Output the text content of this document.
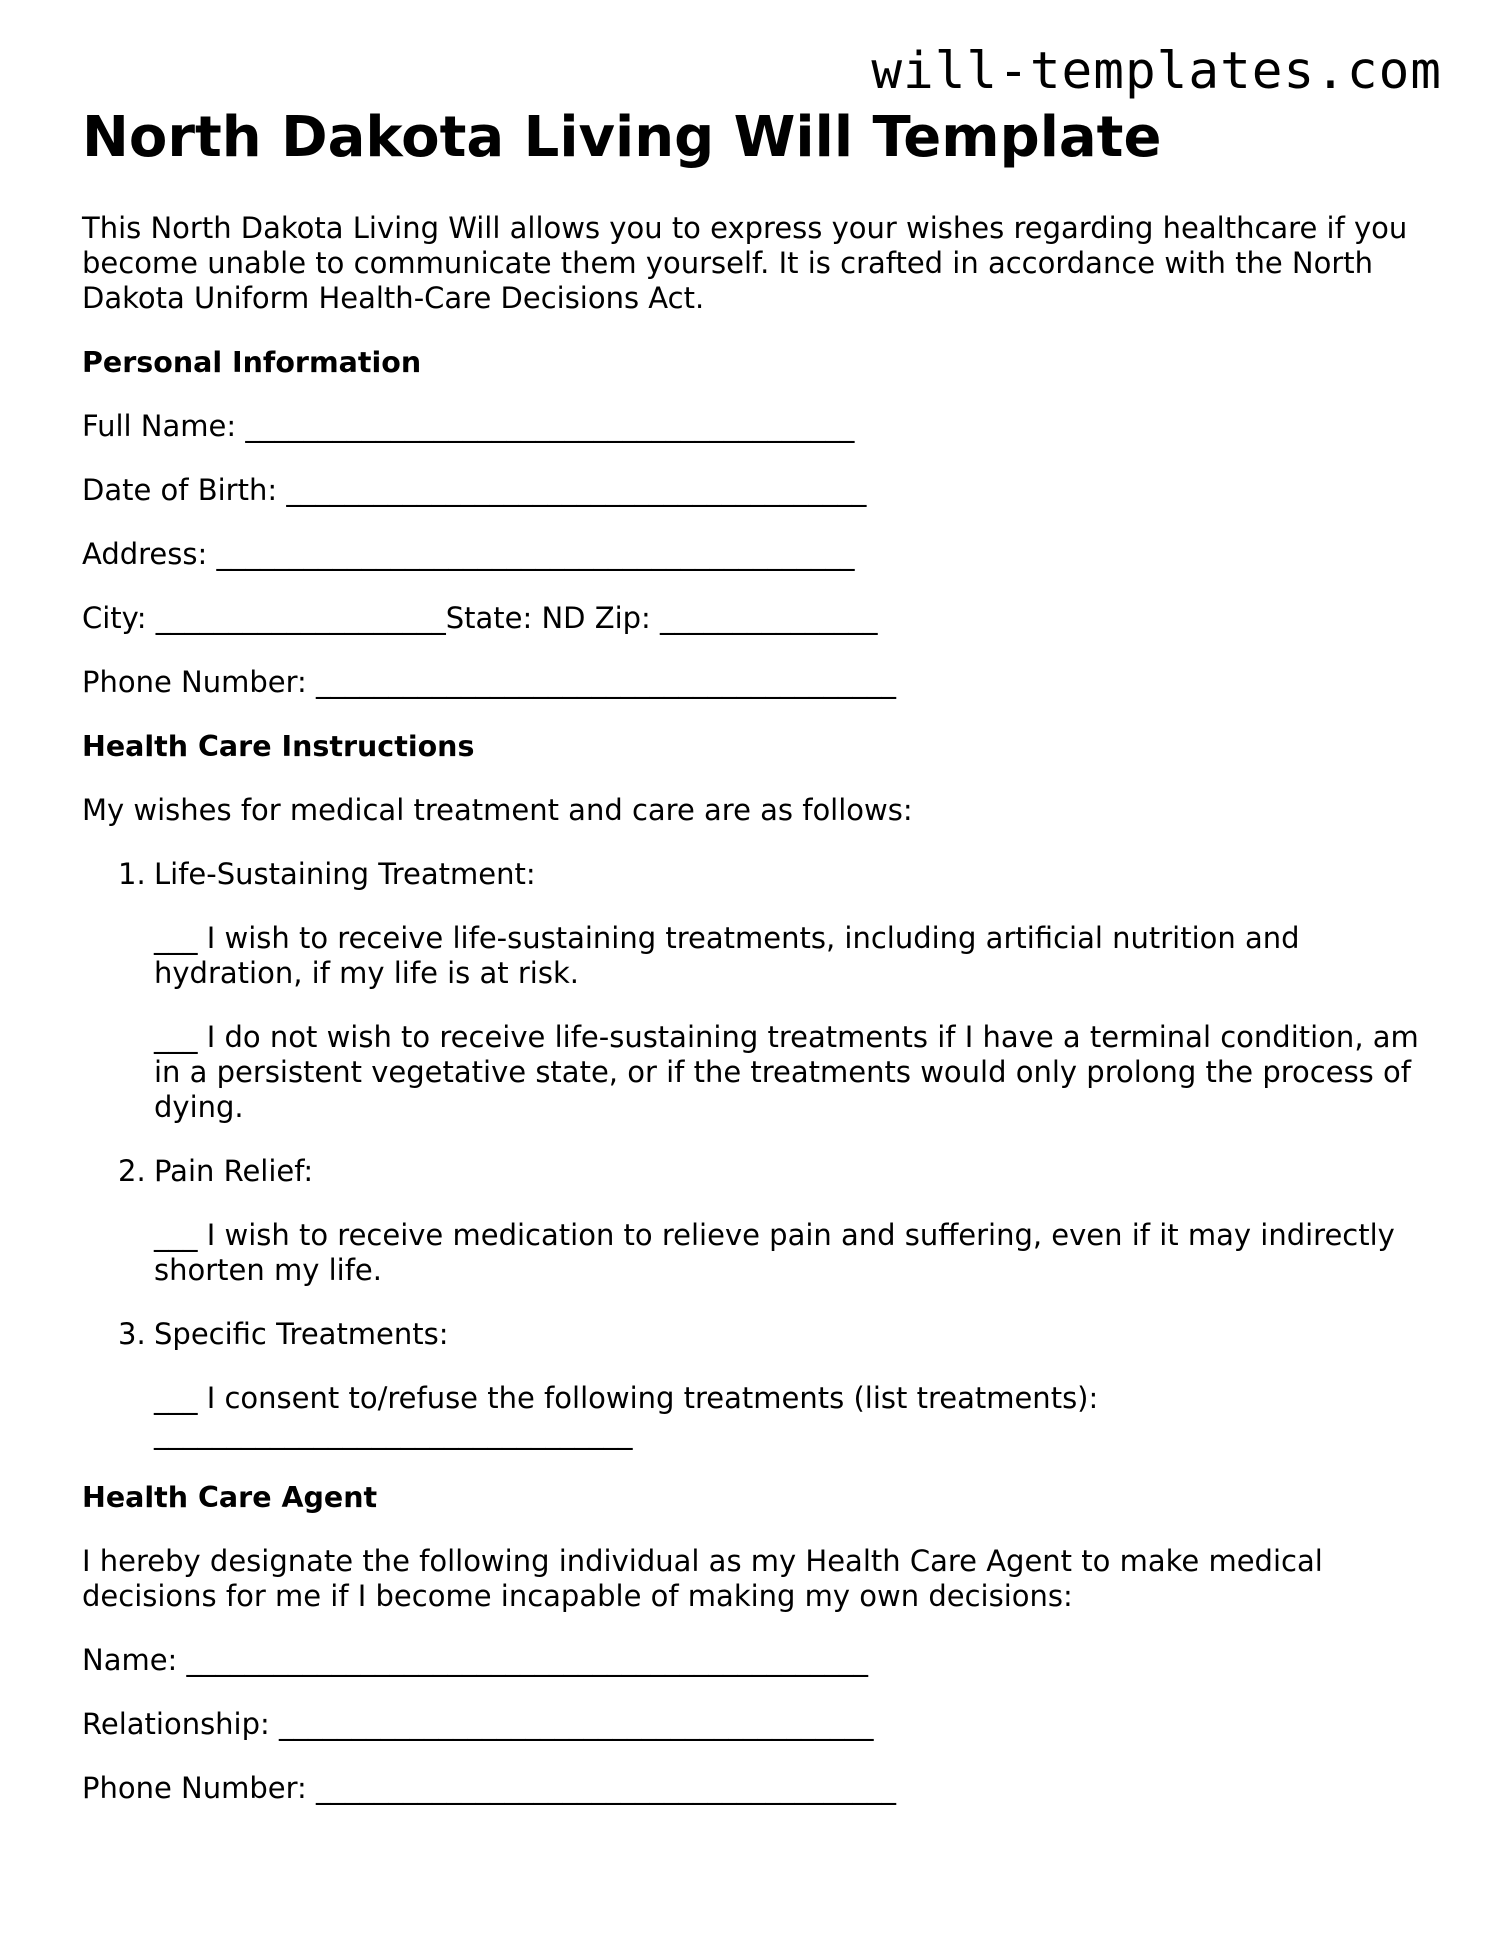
will-templates.com
North Dakota Living Will Template

This North Dakota Living Will allows you to express your wishes regarding healthcare if you become unable to communicate them yourself. It is crafted in accordance with the North Dakota Uniform Health-Care Decisions Act.

Personal Information

Full Name: __________________________________________

Date of Birth: ________________________________________

Address: ____________________________________________

City: ____________________State: ND Zip: _______________

Phone Number: ________________________________________

Health Care Instructions

My wishes for medical treatment and care are as follows:

1. Life-Sustaining Treatment:

___ I wish to receive life-sustaining treatments, including artificial nutrition and hydration, if my life is at risk.

___ I do not wish to receive life-sustaining treatments if I have a terminal condition, am in a persistent vegetative state, or if the treatments would only prolong the process of dying.

2. Pain Relief:

___ I wish to receive medication to relieve pain and suffering, even if it may indirectly shorten my life.

3. Specific Treatments:

___ I consent to/refuse the following treatments (list treatments):

_________________________________

Health Care Agent

I hereby designate the following individual as my Health Care Agent to make medical decisions for me if I become incapable of making my own decisions:

Name: _______________________________________________

Relationship: _________________________________________

Phone Number: ________________________________________
